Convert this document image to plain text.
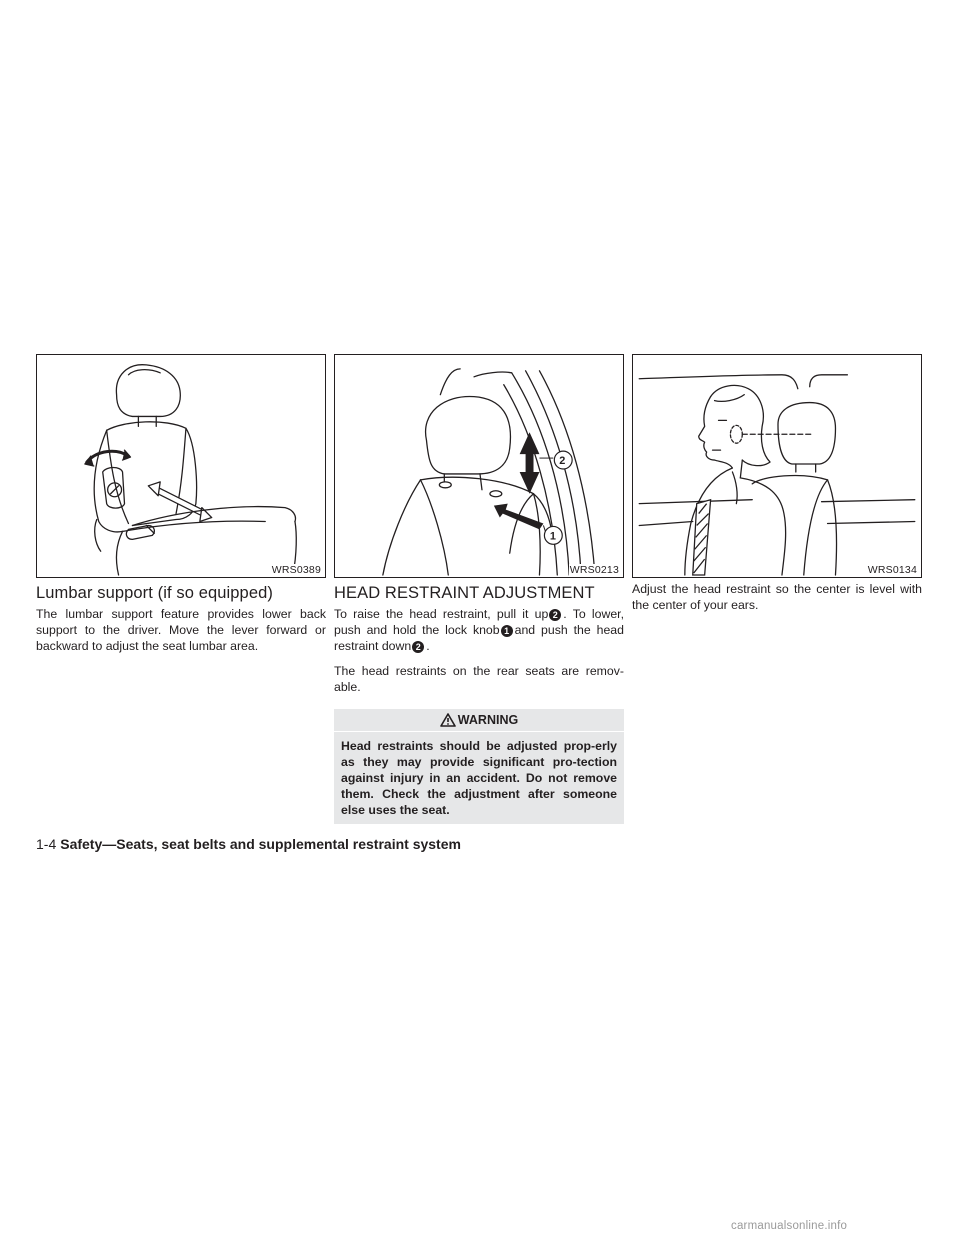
WRS0389
Lumbar support (if so equipped)

The lumbar support feature provides lower back support to the driver. Move the lever forward or backward to adjust the seat lumbar area.

2
1
WRS0213
HEAD RESTRAINT ADJUSTMENT

To raise the head restraint, pull it up 2 . To lower, push and hold the lock knob 1 and push the head restraint down 2 .

The head restraints on the rear seats are remov-able.

WARNING

Head restraints should be adjusted prop-erly as they may provide significant pro-tection against injury in an accident. Do not remove them. Check the adjustment after someone else uses the seat.

WRS0134

Adjust the head restraint so the center is level with the center of your ears.

1-4 Safety—Seats, seat belts and supplemental restraint system
carmanualsonline.info
